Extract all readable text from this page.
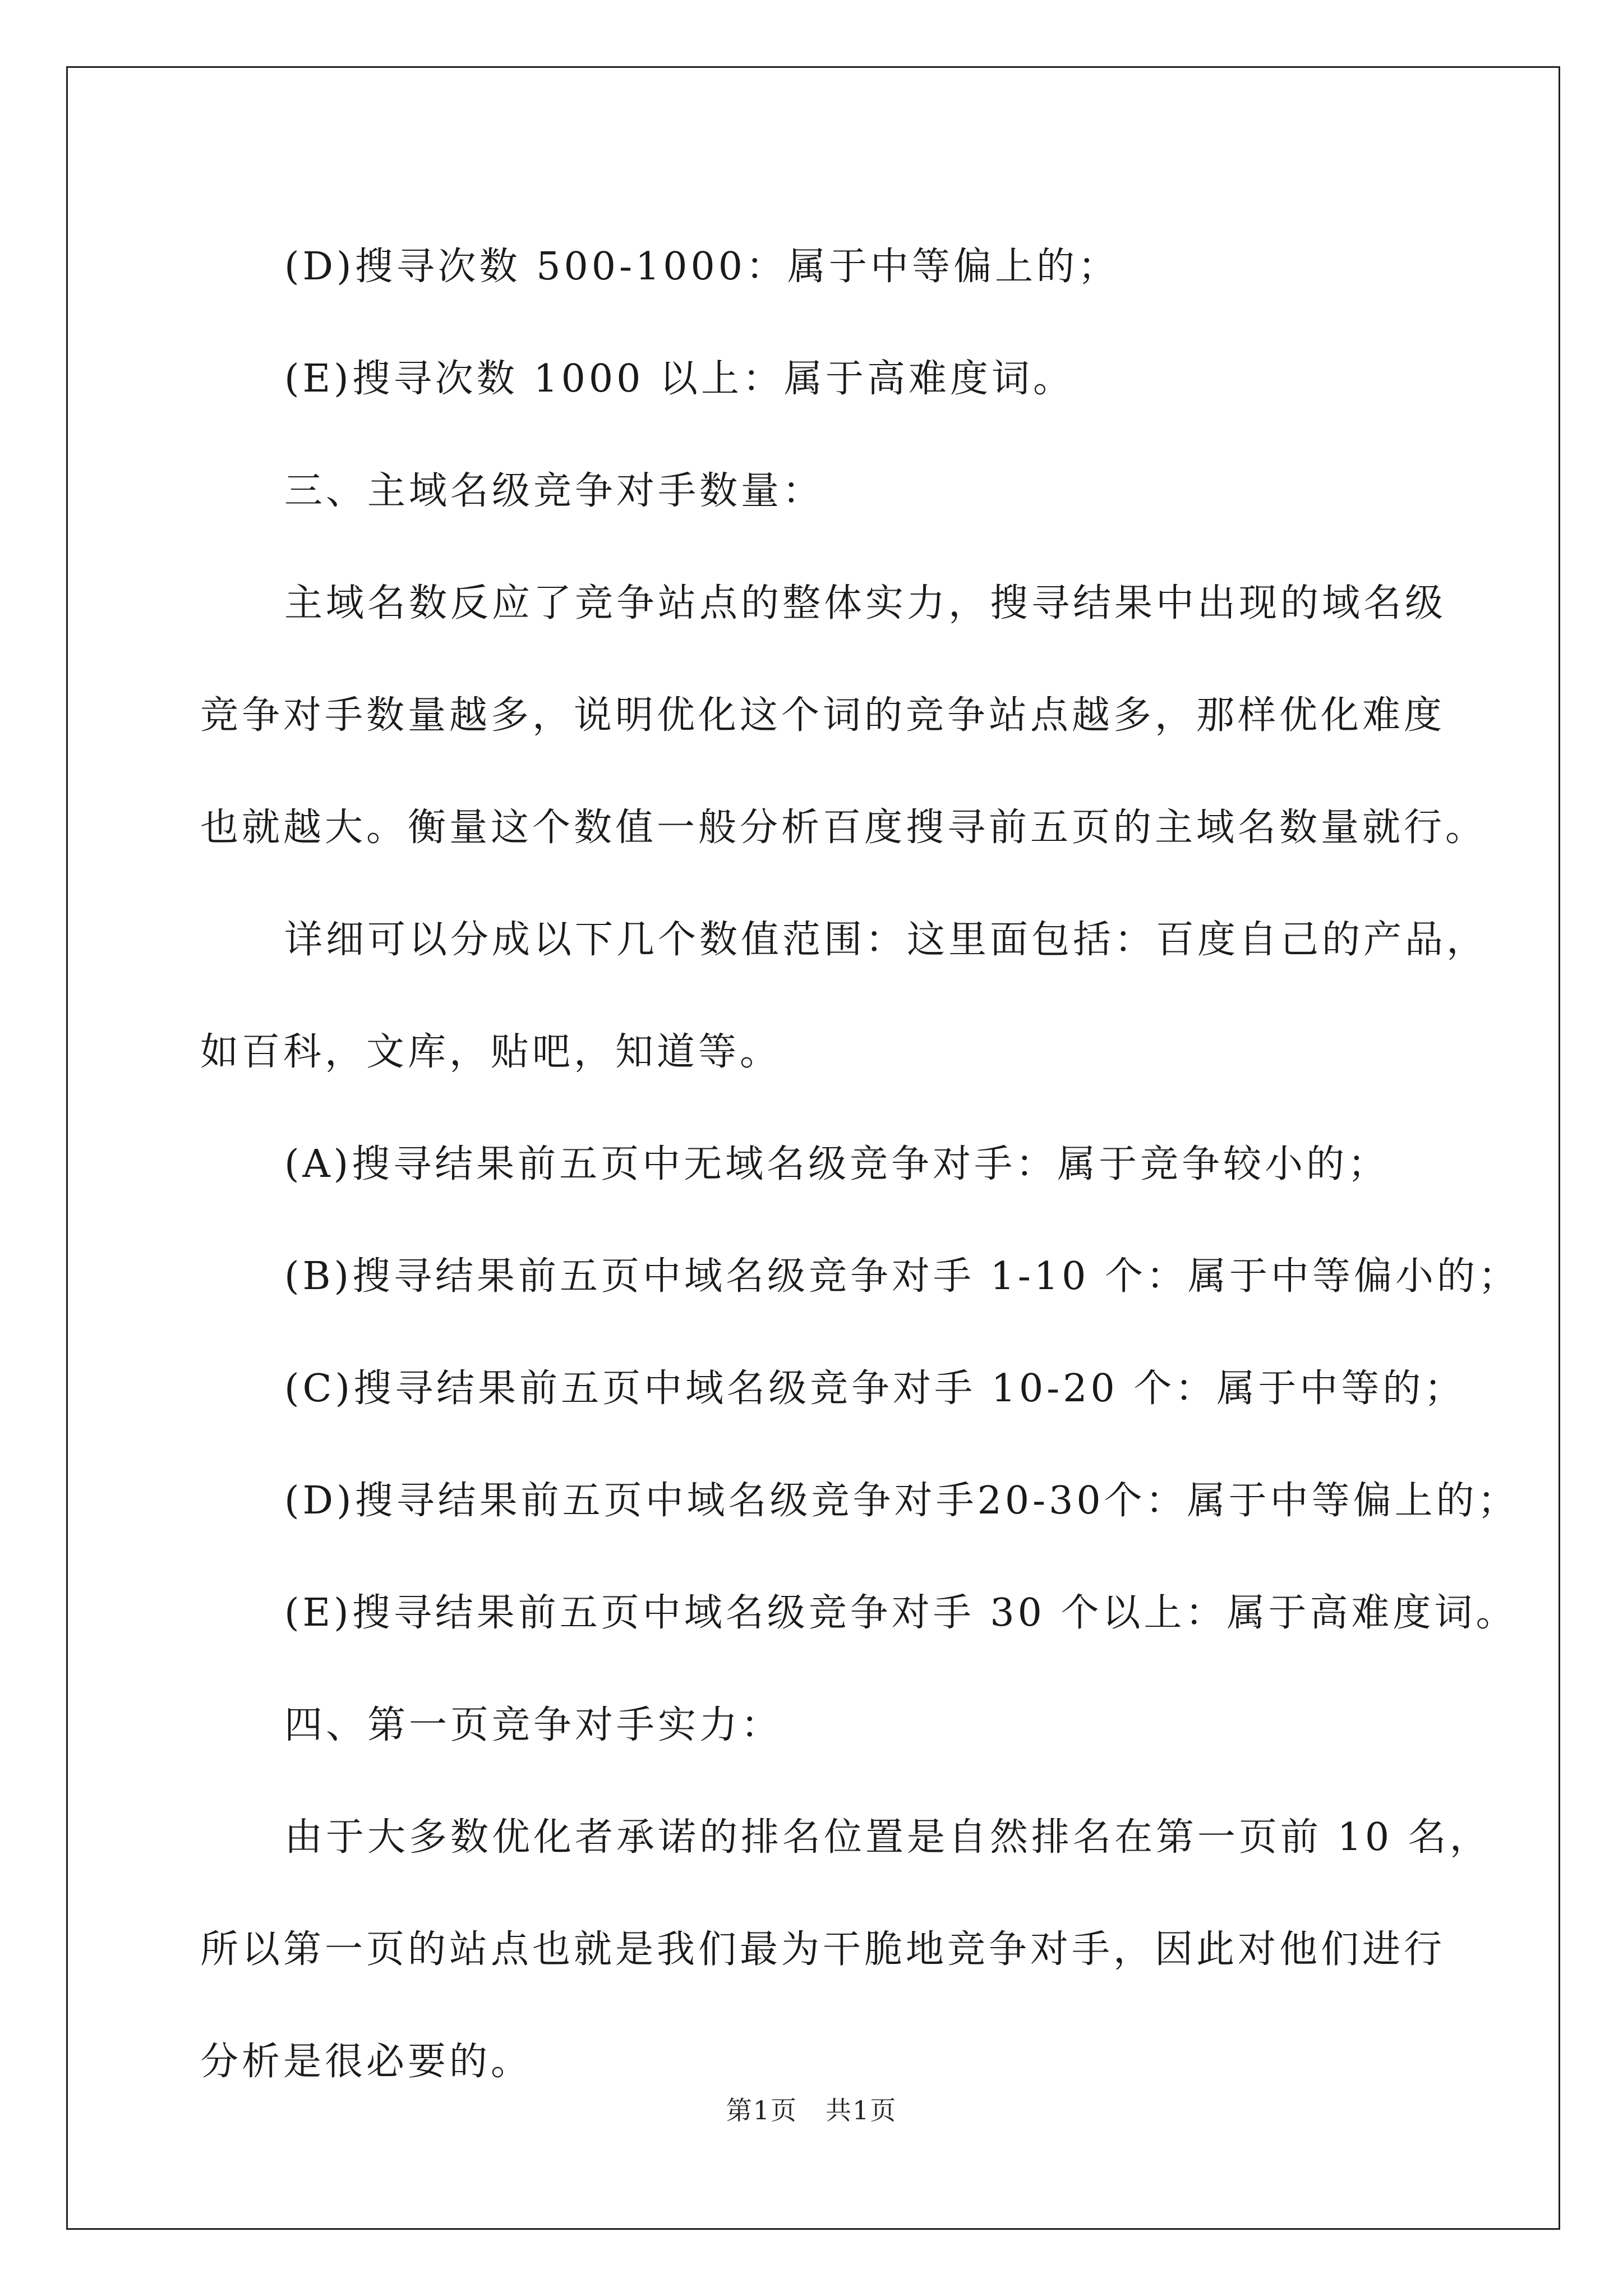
(D)搜寻次数 500-1000：属于中等偏上的；

(E)搜寻次数 1000 以上：属于高难度词。

三、主域名级竞争对手数量：

主域名数反应了竞争站点的整体实力，搜寻结果中出现的域名级

竞争对手数量越多，说明优化这个词的竞争站点越多，那样优化难度

也就越大。衡量这个数值一般分析百度搜寻前五页的主域名数量就行。

详细可以分成以下几个数值范围：这里面包括：百度自己的产品，

如百科，文库，贴吧，知道等。

(A)搜寻结果前五页中无域名级竞争对手：属于竞争较小的；

(B)搜寻结果前五页中域名级竞争对手 1-10 个：属于中等偏小的；

(C)搜寻结果前五页中域名级竞争对手 10-20 个：属于中等的；

(D)搜寻结果前五页中域名级竞争对手20-30个：属于中等偏上的；

(E)搜寻结果前五页中域名级竞争对手 30 个以上：属于高难度词。

四、第一页竞争对手实力：

由于大多数优化者承诺的排名位置是自然排名在第一页前 10 名，

所以第一页的站点也就是我们最为干脆地竞争对手，因此对他们进行

分析是很必要的。

第1页 共1页
